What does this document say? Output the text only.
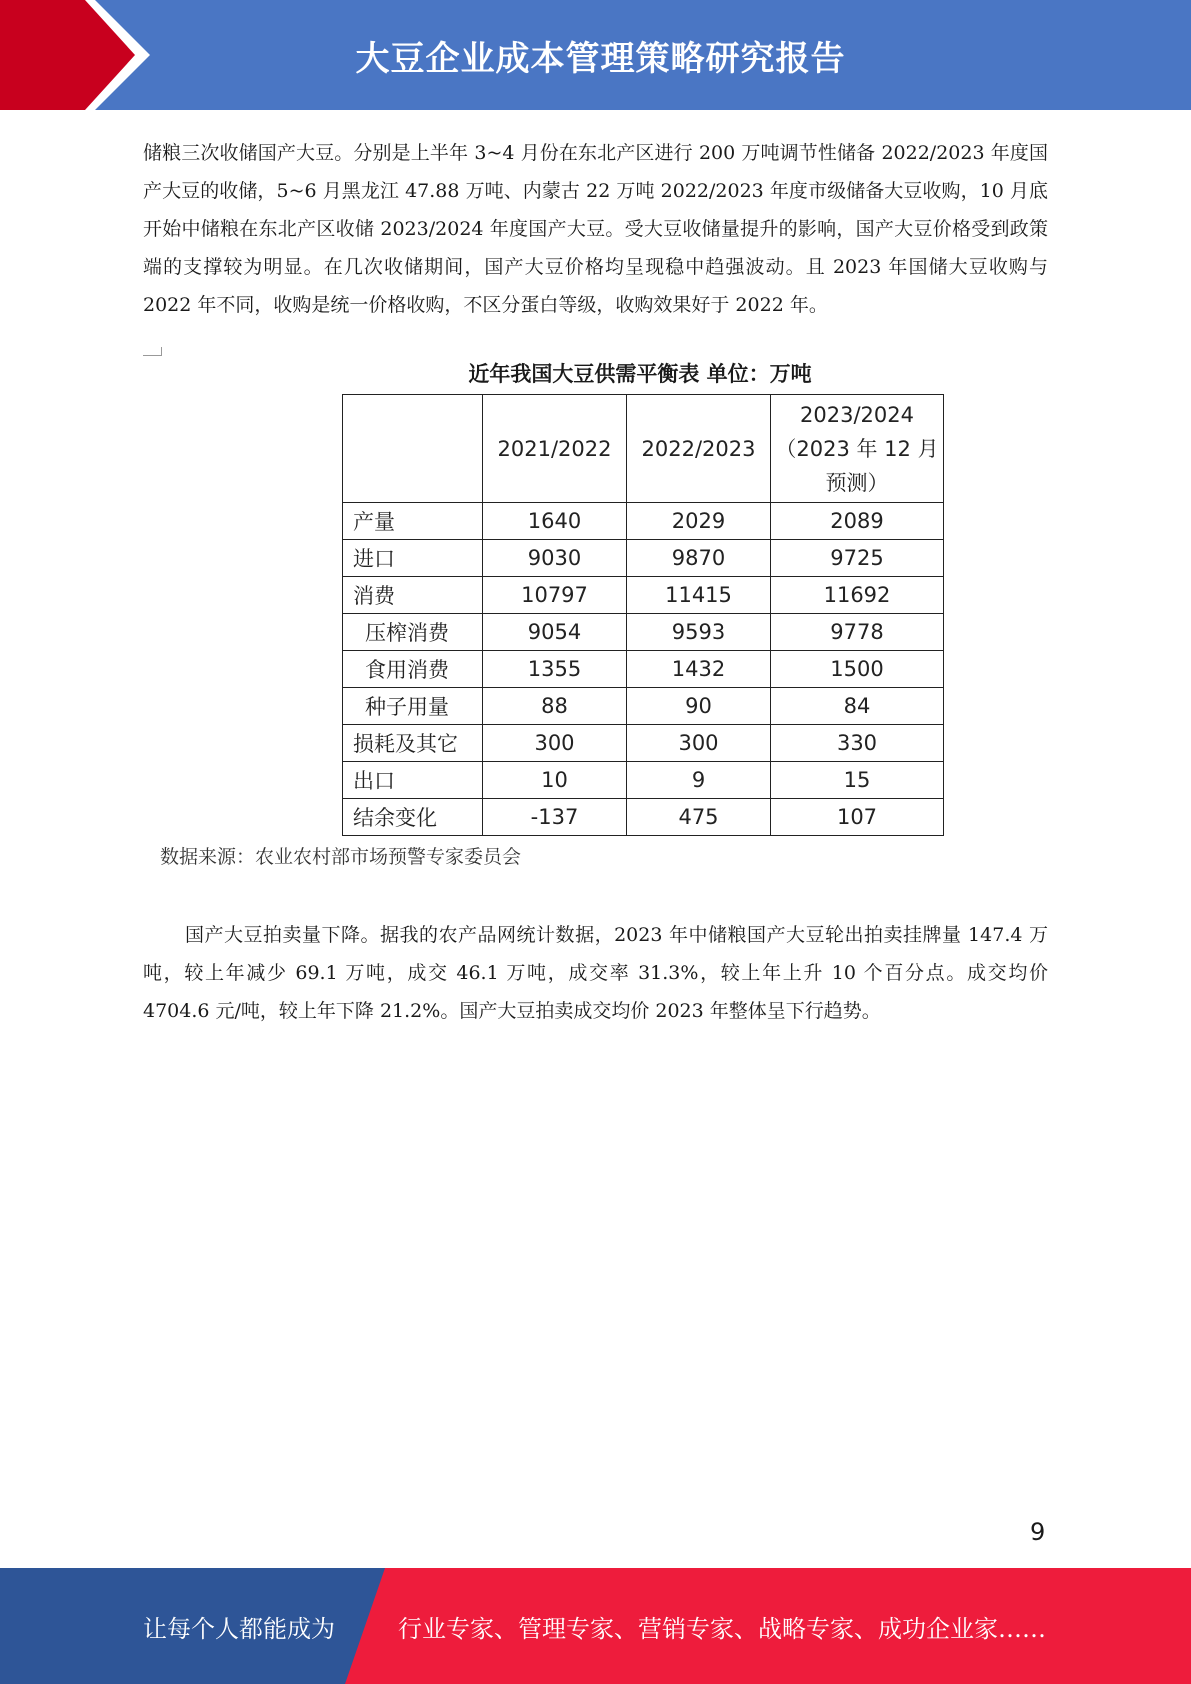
大豆企业成本管理策略研究报告
储粮三次收储国产大豆。分别是上半年 3~4 月份在东北产区进行 200 万吨调节性储备 2022/2023 年度国产大豆的收储，5~6 月黑龙江 47.88 万吨、内蒙古 22 万吨 2022/2023 年度市级储备大豆收购，10 月底开始中储粮在东北产区收储 2023/2024 年度国产大豆。受大豆收储量提升的影响，国产大豆价格受到政策端的支撑较为明显。在几次收储期间，国产大豆价格均呈现稳中趋强波动。且 2023 年国储大豆收购与 2022 年不同，收购是统一价格收购，不区分蛋白等级，收购效果好于 2022 年。
近年我国大豆供需平衡表 单位：万吨
	2021/2022	2022/2023	2023/2024（2023 年 12 月预测）
产量	1640	2029	2089
进口	9030	9870	9725
消费	10797	11415	11692
压榨消费	9054	9593	9778
食用消费	1355	1432	1500
种子用量	88	90	84
损耗及其它	300	300	330
出口	10	9	15
结余变化	-137	475	107
数据来源：农业农村部市场预警专家委员会
国产大豆拍卖量下降。据我的农产品网统计数据，2023 年中储粮国产大豆轮出拍卖挂牌量 147.4 万吨，较上年减少 69.1 万吨，成交 46.1 万吨，成交率 31.3%，较上年上升 10 个百分点。成交均价 4704.6 元/吨，较上年下降 21.2%。国产大豆拍卖成交均价 2023 年整体呈下行趋势。
9
让每个人都能成为	行业专家、管理专家、营销专家、战略专家、成功企业家……
